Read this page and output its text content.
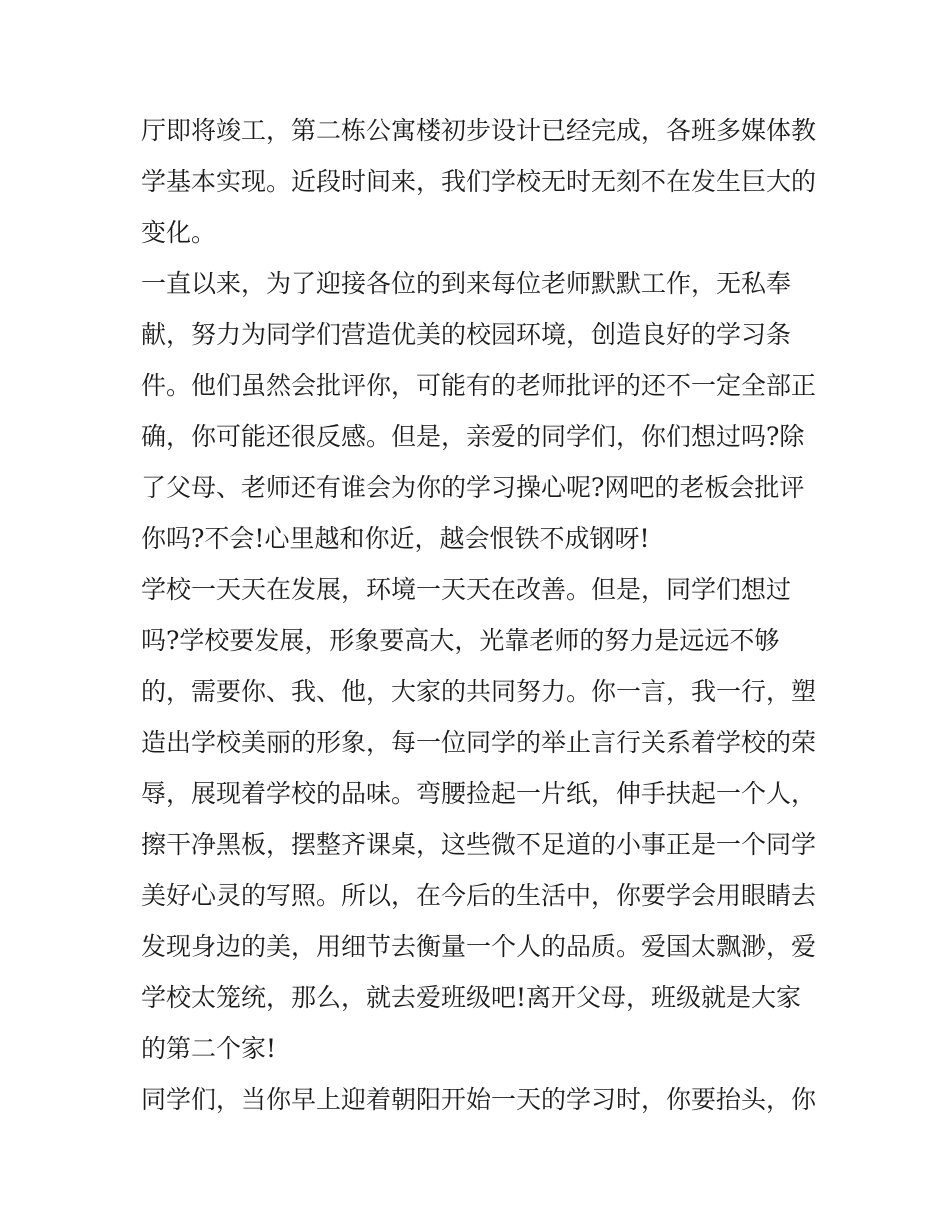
厅即将竣工，第二栋公寓楼初步设计已经完成，各班多媒体教
学基本实现。近段时间来，我们学校无时无刻不在发生巨大的
变化。
一直以来，为了迎接各位的到来每位老师默默工作，无私奉
献，努力为同学们营造优美的校园环境，创造良好的学习条
件。他们虽然会批评你，可能有的老师批评的还不一定全部正
确，你可能还很反感。但是，亲爱的同学们，你们想过吗?除
了父母、老师还有谁会为你的学习操心呢?网吧的老板会批评
你吗?不会!心里越和你近，越会恨铁不成钢呀!
学校一天天在发展，环境一天天在改善。但是，同学们想过
吗?学校要发展，形象要高大，光靠老师的努力是远远不够
的，需要你、我、他，大家的共同努力。你一言，我一行，塑
造出学校美丽的形象，每一位同学的举止言行关系着学校的荣
辱，展现着学校的品味。弯腰捡起一片纸，伸手扶起一个人，
擦干净黑板，摆整齐课桌，这些微不足道的小事正是一个同学
美好心灵的写照。所以，在今后的生活中，你要学会用眼睛去
发现身边的美，用细节去衡量一个人的品质。爱国太飘渺，爱
学校太笼统，那么，就去爱班级吧!离开父母，班级就是大家
的第二个家!
同学们，当你早上迎着朝阳开始一天的学习时，你要抬头，你
